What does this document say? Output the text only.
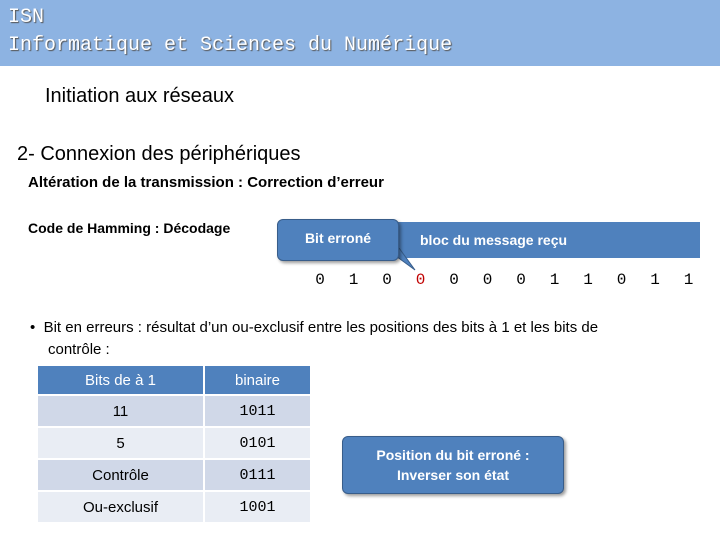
ISN
Informatique et Sciences du Numérique
Initiation aux réseaux
2- Connexion des périphériques
Altération de la transmission : Correction d’erreur
Code de Hamming : Décodage
bloc du message reçu
Bit erroné
0	1	0	0	0	0	0	1	1	0	1	1
•  Bit en erreurs : résultat d’un ou-exclusif entre les positions des bits à 1 et les bits de
contrôle :
Bits de à 1	binaire
11	1011
5	0101
Contrôle	0111
Ou-exclusif	1001
Position du bit erroné :
Inverser son état
